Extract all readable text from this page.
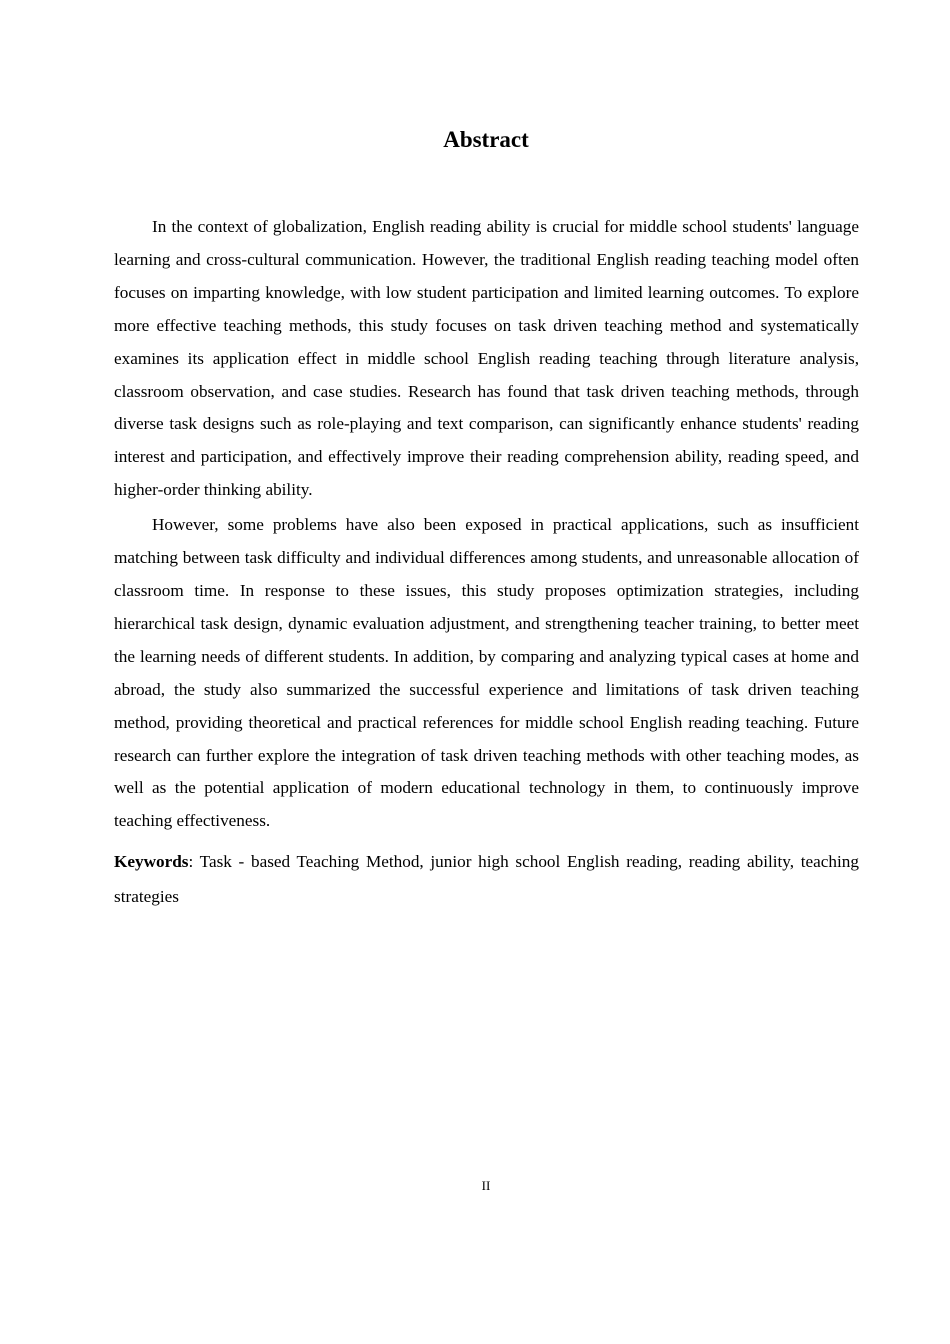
Abstract

In the context of globalization, English reading ability is crucial for middle school students' language learning and cross-cultural communication. However, the traditional English reading teaching model often focuses on imparting knowledge, with low student participation and limited learning outcomes. To explore more effective teaching methods, this study focuses on task driven teaching method and systematically examines its application effect in middle school English reading teaching through literature analysis, classroom observation, and case studies. Research has found that task driven teaching methods, through diverse task designs such as role-playing and text comparison, can significantly enhance students' reading interest and participation, and effectively improve their reading comprehension ability, reading speed, and higher-order thinking ability.

However, some problems have also been exposed in practical applications, such as insufficient matching between task difficulty and individual differences among students, and unreasonable allocation of classroom time. In response to these issues, this study proposes optimization strategies, including hierarchical task design, dynamic evaluation adjustment, and strengthening teacher training, to better meet the learning needs of different students. In addition, by comparing and analyzing typical cases at home and abroad, the study also summarized the successful experience and limitations of task driven teaching method, providing theoretical and practical references for middle school English reading teaching. Future research can further explore the integration of task driven teaching methods with other teaching modes, as well as the potential application of modern educational technology in them, to continuously improve teaching effectiveness.

Keywords: Task - based Teaching Method, junior high school English reading, reading ability, teaching strategies

II
